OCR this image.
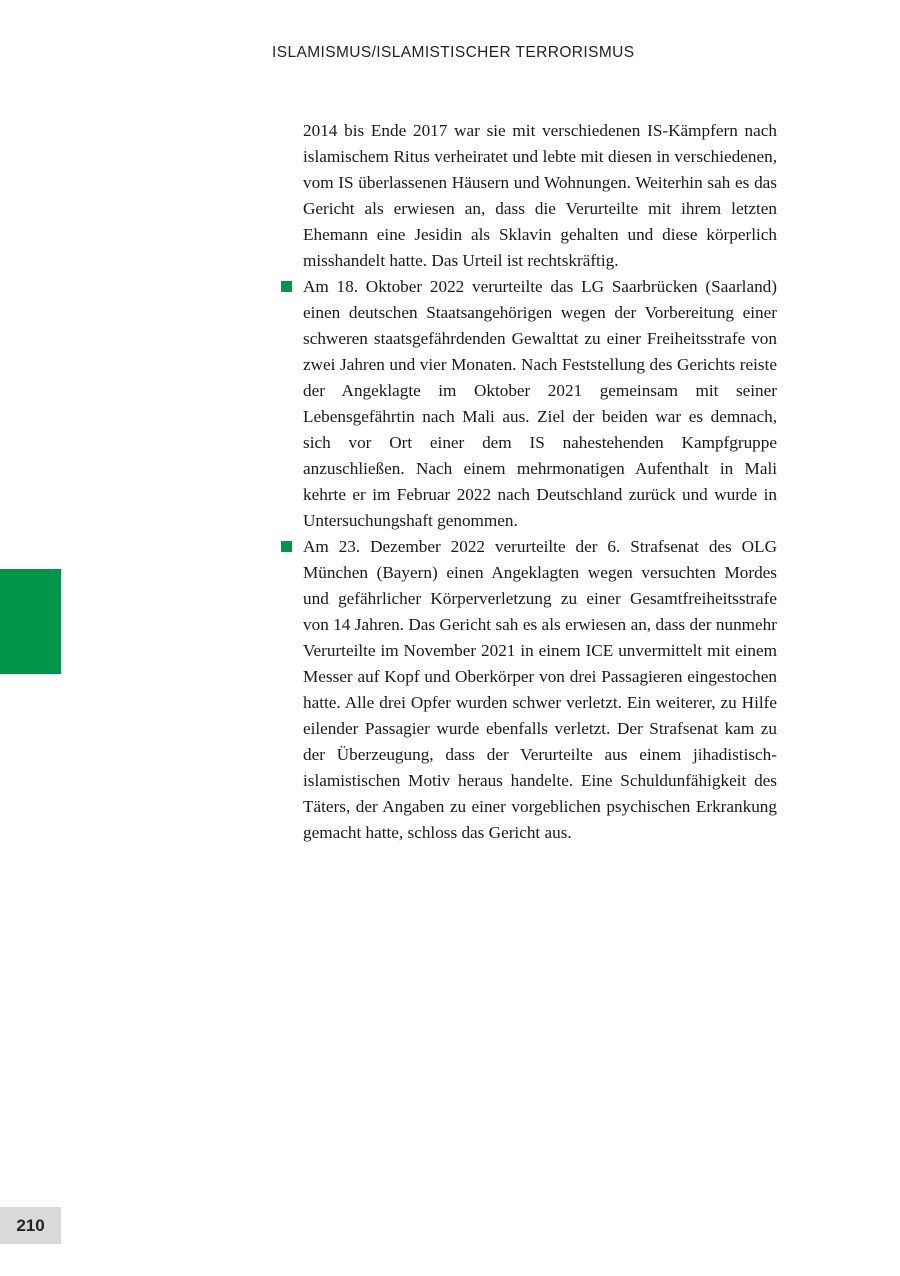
ISLAMISMUS/ISLAMISTISCHER TERRORISMUS

2014 bis Ende 2017 war sie mit verschiedenen IS-Kämpfern nach islamischem Ritus verheiratet und lebte mit diesen in verschiedenen, vom IS überlassenen Häusern und Wohnungen. Weiterhin sah es das Gericht als erwiesen an, dass die Verurteilte mit ihrem letzten Ehemann eine Jesidin als Sklavin gehalten und diese körperlich misshandelt hatte. Das Urteil ist rechtskräftig.

Am 18. Oktober 2022 verurteilte das LG Saarbrücken (Saarland) einen deutschen Staatsangehörigen wegen der Vorbereitung einer schweren staatsgefährdenden Gewalttat zu einer Freiheitsstrafe von zwei Jahren und vier Monaten. Nach Feststellung des Gerichts reiste der Angeklagte im Oktober 2021 gemeinsam mit seiner Lebensgefährtin nach Mali aus. Ziel der beiden war es demnach, sich vor Ort einer dem IS nahestehenden Kampfgruppe anzuschließen. Nach einem mehrmonatigen Aufenthalt in Mali kehrte er im Februar 2022 nach Deutschland zurück und wurde in Untersuchungshaft genommen.

Am 23. Dezember 2022 verurteilte der 6. Strafsenat des OLG München (Bayern) einen Angeklagten wegen versuchten Mordes und gefährlicher Körperverletzung zu einer Gesamtfreiheitsstrafe von 14 Jahren. Das Gericht sah es als erwiesen an, dass der nunmehr Verurteilte im November 2021 in einem ICE unvermittelt mit einem Messer auf Kopf und Oberkörper von drei Passagieren eingestochen hatte. Alle drei Opfer wurden schwer verletzt. Ein weiterer, zu Hilfe eilender Passagier wurde ebenfalls verletzt. Der Strafsenat kam zu der Überzeugung, dass der Verurteilte aus einem jihadistisch-islamistischen Motiv heraus handelte. Eine Schuldunfähigkeit des Täters, der Angaben zu einer vorgeblichen psychischen Erkrankung gemacht hatte, schloss das Gericht aus.

210
